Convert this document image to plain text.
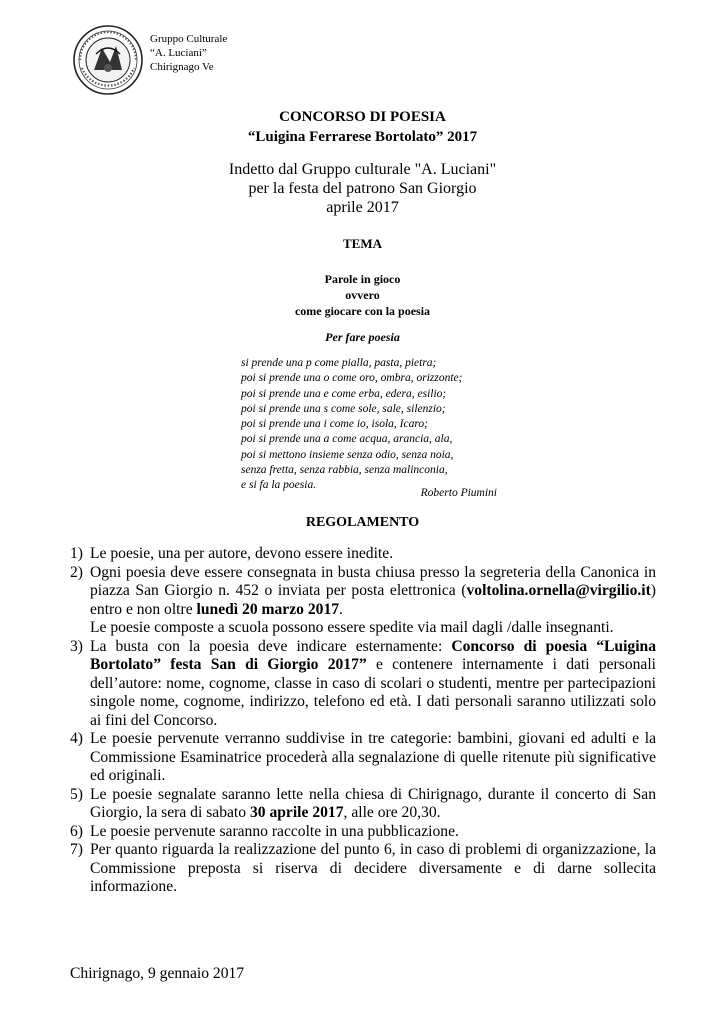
Gruppo Culturale
“A. Luciani”
Chirignago Ve
CONCORSO DI POESIA
“Luigina Ferrarese Bortolato” 2017
Indetto dal Gruppo culturale "A. Luciani"
per la festa del patrono San Giorgio
aprile 2017
TEMA
Parole in gioco
ovvero
come giocare con la poesia
Per fare poesia
si prende una p come pialla, pasta, pietra;
poi si prende una o come oro, ombra, orizzonte;
poi si prende una e come erba, edera, esilio;
poi si prende una s come sole, sale, silenzio;
poi si prende una i come io, isola, Icaro;
poi si prende una a come acqua, arancia, ala,
poi si mettono insieme senza odio, senza noia,
senza fretta, senza rabbia, senza malinconia,
e si fa la poesia.
Roberto Piumini
REGOLAMENTO
1) Le poesie, una per autore, devono essere inedite.

2) Ogni poesia deve essere consegnata in busta chiusa presso la segreteria della Canonica in piazza San Giorgio n. 452 o inviata per posta elettronica (voltolina.ornella@virgilio.it) entro e non oltre lunedì 20 marzo 2017.

Le poesie composte a scuola possono essere spedite via mail dagli /dalle insegnanti.

3) La busta con la poesia deve indicare esternamente: Concorso di poesia “Luigina Bortolato” festa San di Giorgio 2017” e contenere internamente i dati personali dell’autore: nome, cognome, classe in caso di scolari o studenti, mentre per partecipazioni singole nome, cognome, indirizzo, telefono ed età. I dati personali saranno utilizzati solo ai fini del Concorso.

4) Le poesie pervenute verranno suddivise in tre categorie: bambini, giovani ed adulti e la Commissione Esaminatrice procederà alla segnalazione di quelle ritenute più significative ed originali.

5) Le poesie segnalate saranno lette nella chiesa di Chirignago, durante il concerto di San Giorgio, la sera di sabato 30 aprile 2017, alle ore 20,30.

6) Le poesie pervenute saranno raccolte in una pubblicazione.

7) Per quanto riguarda la realizzazione del punto 6, in caso di problemi di organizzazione, la Commissione preposta si riserva di decidere diversamente e di darne sollecita informazione.

Chirignago, 9 gennaio 2017
